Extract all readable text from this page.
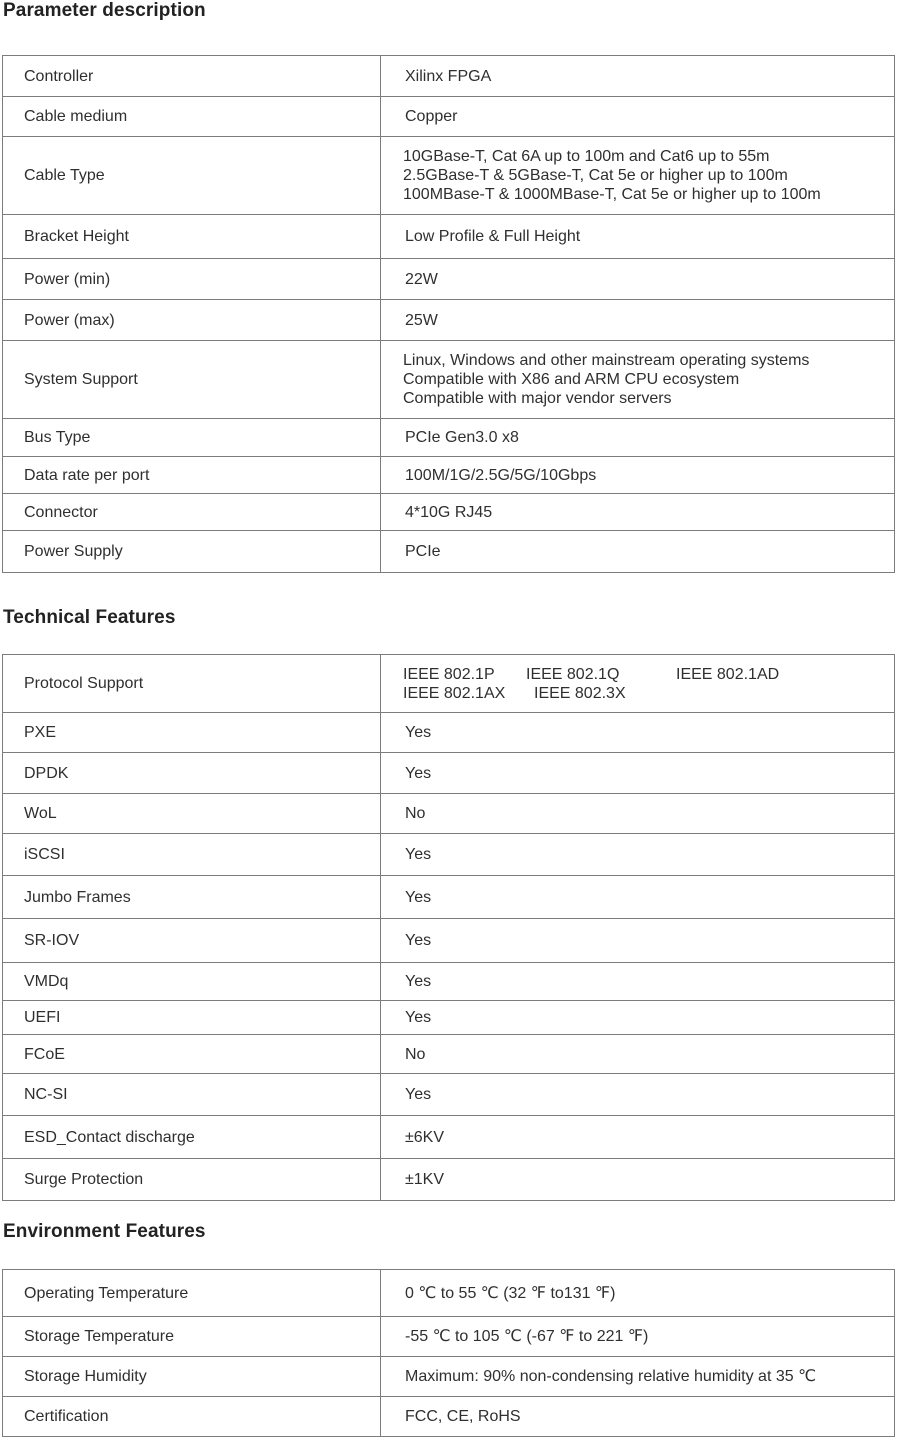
Parameter description
Controller	Xilinx FPGA

Cable medium	Copper

Cable Type	10GBase-T, Cat 6A up to 100m and Cat6 up to 55m
2.5GBase-T & 5GBase-T, Cat 5e or higher up to 100m
100MBase-T & 1000MBase-T, Cat 5e or higher up to 100m

Bracket Height	Low Profile & Full Height

Power (min)	22W

Power (max)	25W

System Support	Linux, Windows and other mainstream operating systems
Compatible with X86 and ARM CPU ecosystem
Compatible with major vendor servers

Bus Type	PCIe Gen3.0 x8

Data rate per port	100M/1G/2.5G/5G/10Gbps

Connector	4*10G RJ45

Power Supply	PCIe
Technical Features
Protocol Support	IEEE 802.1P IEEE 802.1Q IEEE 802.1AD
IEEE 802.1AX IEEE 802.3X

PXE	Yes

DPDK	Yes

WoL	No

iSCSI	Yes

Jumbo Frames	Yes

SR-IOV	Yes

VMDq	Yes

UEFI	Yes

FCoE	No

NC-SI	Yes

ESD_Contact discharge	±6KV

Surge Protection	±1KV
Environment Features
Operating Temperature	0 ℃ to 55 ℃ (32 ℉ to131 ℉)

Storage Temperature	-55 ℃ to 105 ℃ (-67 ℉ to 221 ℉)

Storage Humidity	Maximum: 90% non-condensing relative humidity at 35 ℃

Certification	FCC, CE, RoHS
